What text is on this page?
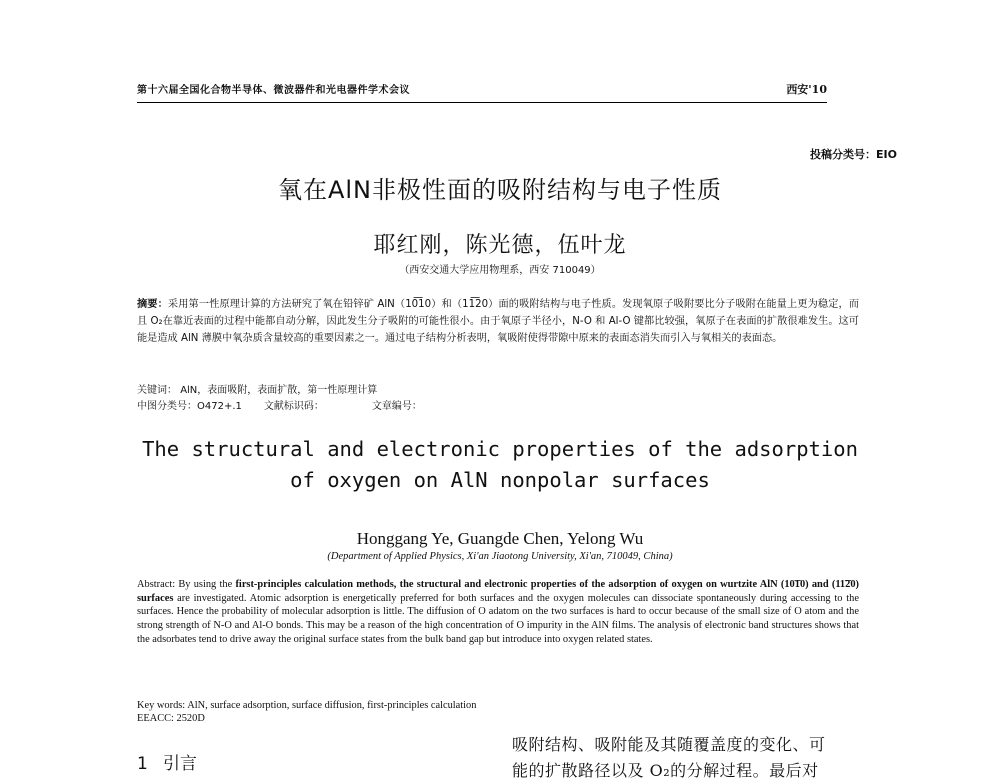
第十六届全国化合物半导体、微波器件和光电器件学术会议	西安'10
投稿分类号：EIO
氧在AlN非极性面的吸附结构与电子性质
耶红刚，陈光德，伍叶龙
（西安交通大学应用物理系，西安 710049）
摘要：采用第一性原理计算的方法研究了氧在铅锌矿 AlN（10͞10）和（11͞20）面的吸附结构与电子性质。发现氧原子吸附要比分子吸附在能量上更为稳定，而且 O₂在靠近表面的过程中能都自动分解，因此发生分子吸附的可能性很小。由于氧原子半径小，N-O 和 Al-O 键都比较强，氧原子在表面的扩散很难发生。这可能是造成 AlN 薄膜中氧杂质含量较高的重要因素之一。通过电子结构分析表明，氧吸附使得带隙中原来的表面态消失而引入与氧相关的表面态。
关键词： AlN，表面吸附，表面扩散，第一性原理计算
中图分类号：O472+.1 文献标识码：	文章编号：
The structural and electronic properties of the adsorption
of oxygen on AlN nonpolar surfaces
Honggang Ye, Guangde Chen, Yelong Wu
(Department of Applied Physics, Xi'an Jiaotong University, Xi'an, 710049, China)
Abstract: By using the first-principles calculation methods, the structural and electronic properties of the adsorption of oxygen on wurtzite AlN (10͞10) and (11͞20) surfaces are investigated. Atomic adsorption is energetically preferred for both surfaces and the oxygen molecules can dissociate spontaneously during accessing to the surfaces. Hence the probability of molecular adsorption is little. The diffusion of O adatom on the two surfaces is hard to occur because of the small size of O atom and the strong strength of N-O and Al-O bonds. This may be a reason of the high concentration of O impurity in the AlN films. The analysis of electronic band structures shows that the adsorbates tend to drive away the original surface states from the bulk band gap but introduce into oxygen related states.
Key words: AlN, surface adsorption, surface diffusion, first-principles calculation
EEACC: 2520D
1 引言
吸附结构、吸附能及其随覆盖度的变化、可
能的扩散路径以及 O₂的分解过程。最后对
